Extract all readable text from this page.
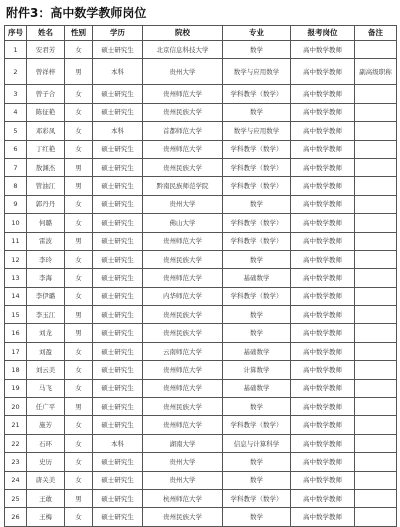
附件3：高中数学教师岗位
序号	姓名	性别	学历	院校	专业	报考岗位	备注
1	安君芳	女	硕士研究生	北京信息科技大学	数学	高中数学教师	
2	曾祥梓	男	本科	贵州大学	数学与应用数学	高中数学教师	副高级职称
3	曾子合	女	硕士研究生	贵州师范大学	学科教学（数学）	高中数学教师	
4	陈征艳	女	硕士研究生	贵州民族大学	数学	高中数学教师	
5	邓彩凤	女	本科	首都师范大学	数学与应用数学	高中数学教师	
6	丁红艳	女	硕士研究生	贵州师范大学	学科教学（数学）	高中数学教师	
7	敖渊杰	男	硕士研究生	贵州民族大学	学科教学（数学）	高中数学教师	
8	管油江	男	硕士研究生	黔南民族师范学院	学科教学（数学）	高中数学教师	
9	郭丹丹	女	硕士研究生	贵州大学	数学	高中数学教师	
10	何璐	女	硕士研究生	佛山大学	学科教学（数学）	高中数学教师	
11	雷波	男	硕士研究生	贵州师范大学	学科教学（数学）	高中数学教师	
12	李玲	女	硕士研究生	贵州民族大学	数学	高中数学教师	
13	李海	女	硕士研究生	贵州师范大学	基础数学	高中数学教师	
14	李伊璐	女	硕士研究生	内华师范大学	学科教学（数学）	高中数学教师	
15	李玉江	男	硕士研究生	贵州民族大学	数学	高中数学教师	
16	刘龙	男	硕士研究生	贵州民族大学	数学	高中数学教师	
17	刘盈	女	硕士研究生	云南师范大学	基础数学	高中数学教师	
18	刘云美	女	硕士研究生	贵州师范大学	计算数学	高中数学教师	
19	马飞	女	硕士研究生	贵州师范大学	基础数学	高中数学教师	
20	任广平	男	硕士研究生	贵州民族大学	数学	高中数学教师	
21	施芳	女	硕士研究生	贵州师范大学	学科教学（数学）	高中数学教师	
22	石环	女	本科	湖南大学	信息与计算科学	高中数学教师	
23	史历	女	硕士研究生	贵州大学	数学	高中数学教师	
24	唐关美	女	硕士研究生	贵州大学	数学	高中数学教师	
25	王敢	男	硕士研究生	杭州师范大学	学科教学（数学）	高中数学教师	
26	王梅	女	硕士研究生	贵州民族大学	数学	高中数学教师	
